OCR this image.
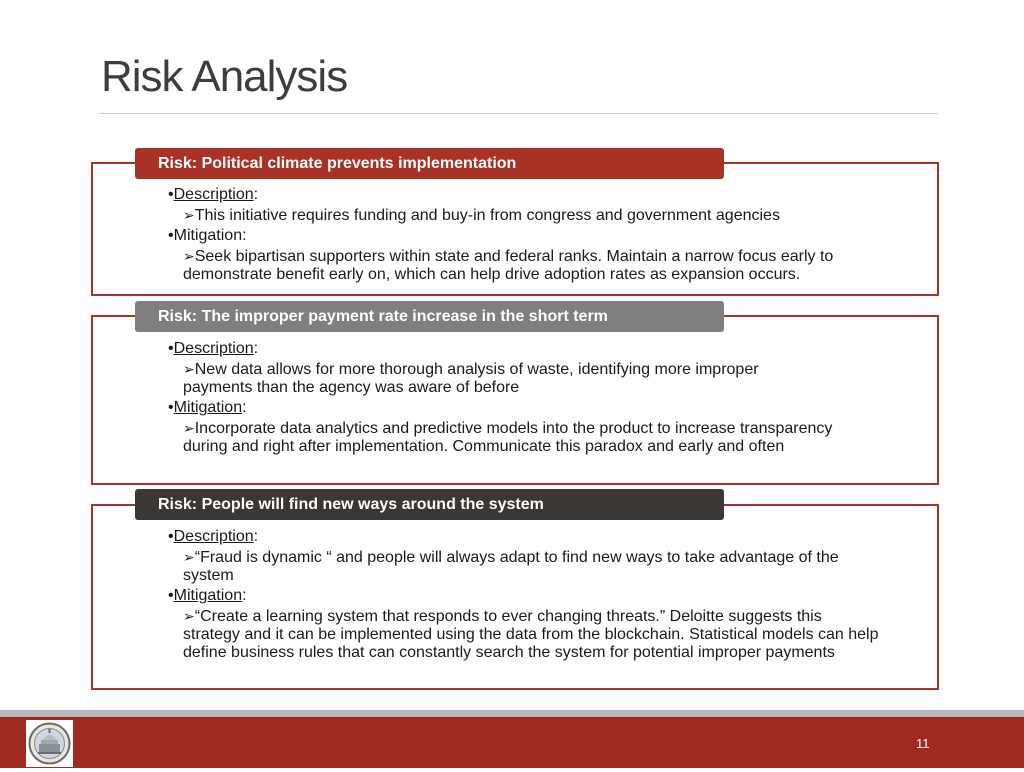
Risk Analysis
Risk: Political climate prevents implementation

•Description:

➢This initiative requires funding and buy-in from congress and government agencies

•Mitigation:

➢Seek bipartisan supporters within state and federal ranks. Maintain a narrow focus early to demonstrate benefit early on, which can help drive adoption rates as expansion occurs.

Risk: The improper payment rate increase in the short term

•Description:

➢New data allows for more thorough analysis of waste, identifying more improper payments than the agency was aware of before

•Mitigation:

➢Incorporate data analytics and predictive models into the product to increase transparency during and right after implementation. Communicate this paradox and early and often

Risk: People will find new ways around the system

•Description:

➢“Fraud is dynamic “ and people will always adapt to find new ways to take advantage of the system

•Mitigation:

➢“Create a learning system that responds to ever changing threats.” Deloitte suggests this strategy and it can be implemented using the data from the blockchain. Statistical models can help define business rules that can constantly search the system for potential improper payments

11
